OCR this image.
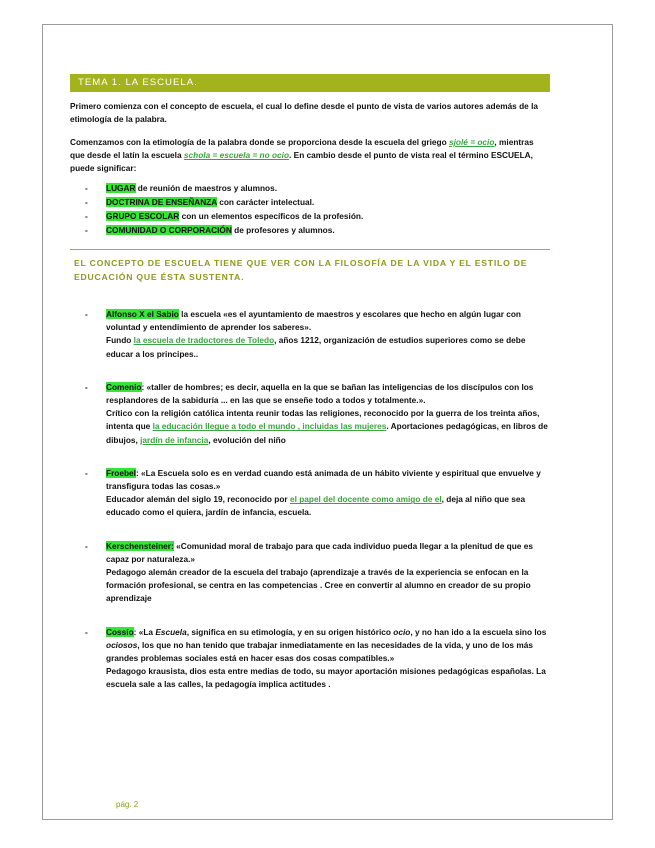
TEMA 1. LA ESCUELA.

Primero comienza con el concepto de escuela, el cual lo define desde el punto de vista de varios autores además de la etimología de la palabra.

Comenzamos con la etimología de la palabra donde se proporciona desde la escuela del griego sjolé = ocio, mientras que desde el latín la escuela schola = escuela = no ocio. En cambio desde el punto de vista real el término ESCUELA, puede significar:

- LUGAR de reunión de maestros y alumnos.
- DOCTRINA DE ENSEÑANZA con carácter intelectual.
- GRUPO ESCOLAR con un elementos específicos de la profesión.
- COMUNIDAD O CORPORACIÓN de profesores y alumnos.
EL CONCEPTO DE ESCUELA TIENE QUE VER CON LA FILOSOFÍA DE LA VIDA Y EL ESTILO DE EDUCACIÓN QUE ÉSTA SUSTENTA.
- Alfonso X el Sabio la escuela «es el ayuntamiento de maestros y escolares que hecho en algún lugar con voluntad y entendimiento de aprender los saberes».
Fundo la escuela de tradoctores de Toledo, años 1212, organización de estudios superiores como se debe educar a los principes..
- Comenio: «taller de hombres; es decir, aquella en la que se bañan las inteligencias de los discípulos con los resplandores de la sabiduría ... en las que se enseñe todo a todos y totalmente.».
Crítico con la religión católica intenta reunir todas las religiones, reconocido por la guerra de los treinta años, intenta que la educación llegue a todo el mundo , incluidas las mujeres. Aportaciones pedagógicas, en libros de dibujos, jardín de infancia, evolución del niño
- Froebel: «La Escuela solo es en verdad cuando está animada de un hábito viviente y espiritual que envuelve y transfigura todas las cosas.»
Educador alemán del siglo 19, reconocido por el papel del docente como amigo de el, deja al niño que sea educado como el quiera, jardín de infancia, escuela.
- Kerschensteiner: «Comunidad moral de trabajo para que cada individuo pueda llegar a la plenitud de que es capaz por naturaleza.»
Pedagogo alemán creador de la escuela del trabajo (aprendizaje a través de la experiencia se enfocan en la formación profesional, se centra en las competencias . Cree en convertir al alumno en creador de su propio aprendizaje
- Cossío: «La Escuela, significa en su etimología, y en su origen histórico ocio, y no han ido a la escuela sino los ociosos, los que no han tenido que trabajar inmediatamente en las necesidades de la vida, y uno de los más grandes problemas sociales está en hacer esas dos cosas compatibles.»
Pedagogo krausista, dios esta entre medias de todo, su mayor aportación misiones pedagógicas españolas. La escuela sale a las calles, la pedagogía implica actitudes .
pág. 2
